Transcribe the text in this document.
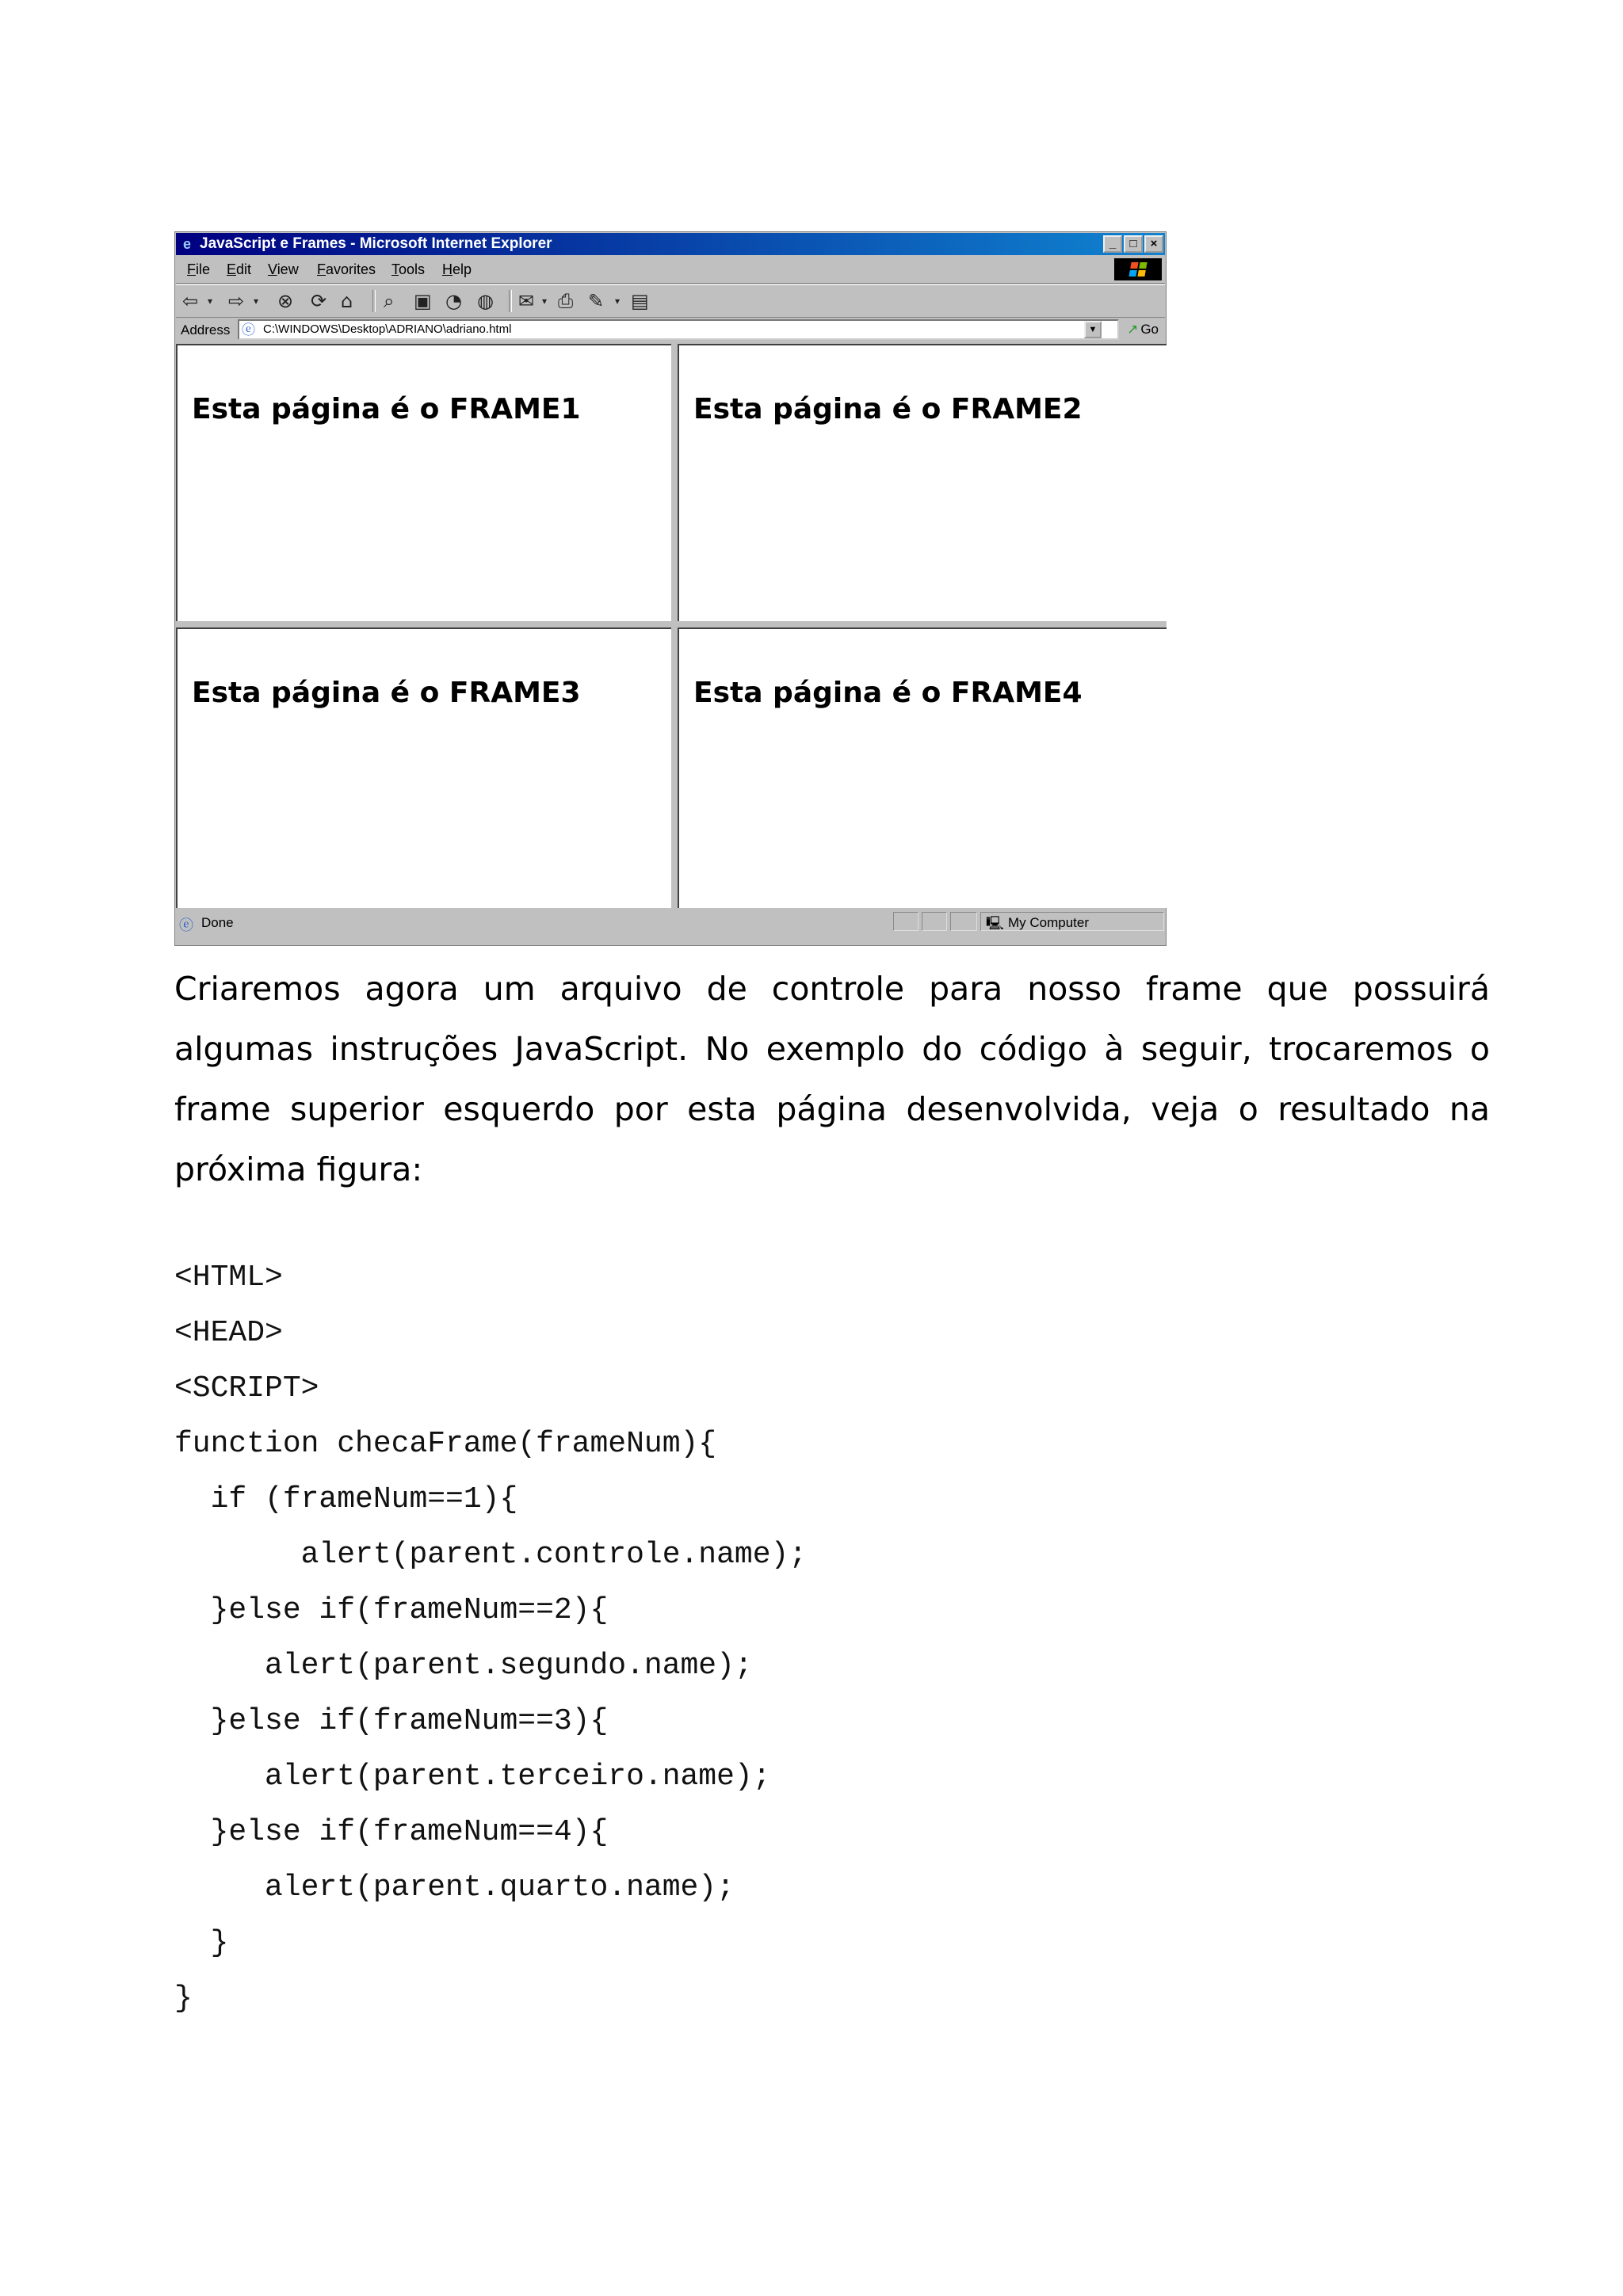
e JavaScript e Frames - Microsoft Internet Explorer	_ □ ×
File Edit View Favorites Tools Help
⇦ ▾ ⇨ ▾ ⊗ ⟳ ⌂ ⌕ ▣ ◔ ◍ ✉ ▾ ⎙ ✎ ▾ ▤
Address ⓔ C:\WINDOWS\Desktop\ADRIANO\adriano.html	▼	↗ Go
Esta página é o FRAME1	Esta página é o FRAME2
Esta página é o FRAME3	Esta página é o FRAME4
ⓔ Done	🖳 My Computer

Criaremos agora um arquivo de controle para nosso frame que possuirá algumas instruções JavaScript. No exemplo do código à seguir, trocaremos o frame superior esquerdo por esta página desenvolvida, veja o resultado na próxima figura:

<HTML>
<HEAD>
<SCRIPT>
function checaFrame(frameNum){
if (frameNum==1){
alert(parent.controle.name);
}else if(frameNum==2){
alert(parent.segundo.name);
}else if(frameNum==3){
alert(parent.terceiro.name);
}else if(frameNum==4){
alert(parent.quarto.name);
}
}
